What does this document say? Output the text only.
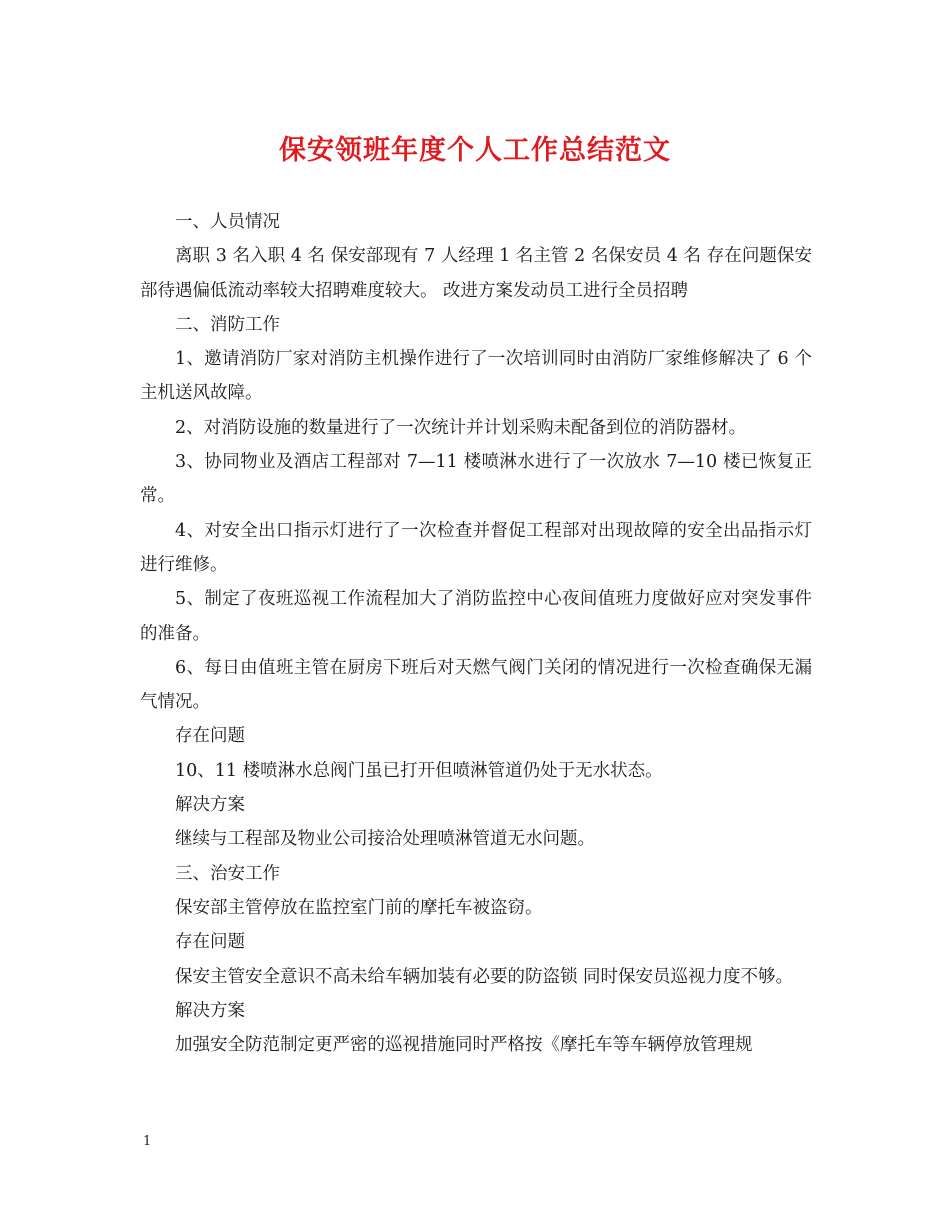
保安领班年度个人工作总结范文

一、人员情况

离职 3 名入职 4 名 保安部现有 7 人经理 1 名主管 2 名保安员 4 名 存在问题保安部待遇偏低流动率较大招聘难度较大。 改进方案发动员工进行全员招聘

二、消防工作

1、邀请消防厂家对消防主机操作进行了一次培训同时由消防厂家维修解决了 6 个主机送风故障。

2、对消防设施的数量进行了一次统计并计划采购未配备到位的消防器材。

3、协同物业及酒店工程部对 7—11 楼喷淋水进行了一次放水 7—10 楼已恢复正常。

4、对安全出口指示灯进行了一次检查并督促工程部对出现故障的安全出品指示灯进行维修。

5、制定了夜班巡视工作流程加大了消防监控中心夜间值班力度做好应对突发事件的准备。

6、每日由值班主管在厨房下班后对天燃气阀门关闭的情况进行一次检查确保无漏气情况。

存在问题

10、11 楼喷淋水总阀门虽已打开但喷淋管道仍处于无水状态。

解决方案

继续与工程部及物业公司接洽处理喷淋管道无水问题。

三、治安工作

保安部主管停放在监控室门前的摩托车被盗窃。

存在问题

保安主管安全意识不高未给车辆加装有必要的防盗锁 同时保安员巡视力度不够。

解决方案

加强安全防范制定更严密的巡视措施同时严格按《摩托车等车辆停放管理规

1
